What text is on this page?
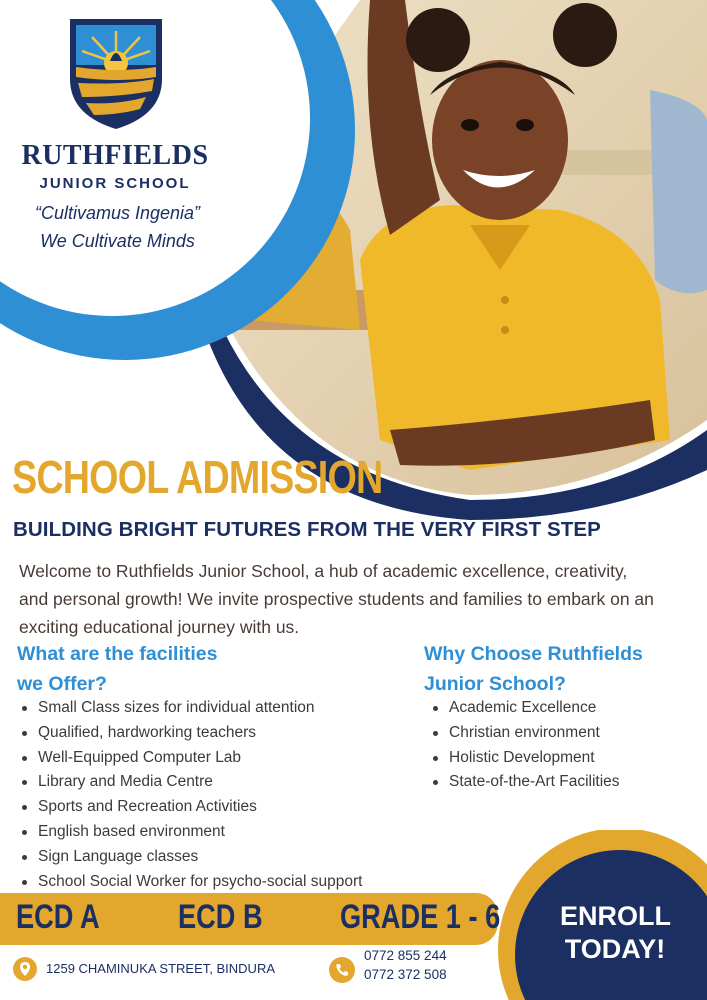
RUTHFIELDS
JUNIOR SCHOOL
“Cultivamus Ingenia”
We Cultivate Minds
SCHOOL ADMISSION
BUILDING BRIGHT FUTURES FROM THE VERY FIRST STEP

Welcome to Ruthfields Junior School, a hub of academic excellence, creativity, and personal growth! We invite prospective students and families to embark on an exciting educational journey with us.

What are the facilities
we Offer?
Small Class sizes for individual attention
Qualified, hardworking teachers
Well-Equipped Computer Lab
Library and Media Centre
Sports and Recreation Activities
English based environment
Sign Language classes
School Social Worker for psycho-social support
Why Choose Ruthfields
Junior School?
Academic Excellence
Christian environment
Holistic Development
State-of-the-Art Facilities
ECD A ECD B GRADE 1 - 6 ENROLL
TODAY!
1259 CHAMINUKA STREET, BINDURA
0772 855 244
0772 372 508
